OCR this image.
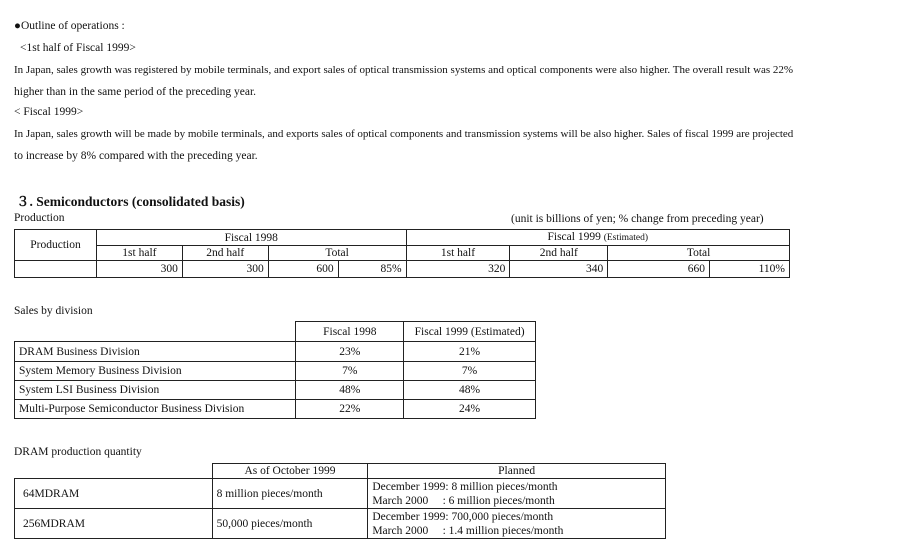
●Outline of operations :
<1st half of Fiscal 1999>
In Japan, sales growth was registered by mobile terminals, and export sales of optical transmission systems and optical components were also higher. The overall result was 22%
higher than in the same period of the preceding year.
< Fiscal 1999>
In Japan, sales growth will be made by mobile terminals, and exports sales of optical components and transmission systems will be also higher. Sales of fiscal 1999 are projected
to increase by 8% compared with the preceding year.
３. Semiconductors (consolidated basis)
Production	(unit is billions of yen; % change from preceding year)
Production	Fiscal 1998				Fiscal 1999 (Estimated)			
	1st half	2nd half	Total		1st half	2nd half	Total	
	300	300	600	85%	320	340	660	110%
Sales by division
	Fiscal 1998	Fiscal 1999 (Estimated)
DRAM Business Division	23%	21%
System Memory Business Division	7%	7%
System LSI Business Division	48%	48%
Multi-Purpose Semiconductor Business Division	22%	24%
DRAM production quantity
	As of October 1999	Planned
64MDRAM	8 million pieces/month	December 1999: 8 million pieces/month
March 2000     : 6 million pieces/month

256MDRAM	50,000 pieces/month	December 1999: 700,000 pieces/month
March 2000     : 1.4 million pieces/month
